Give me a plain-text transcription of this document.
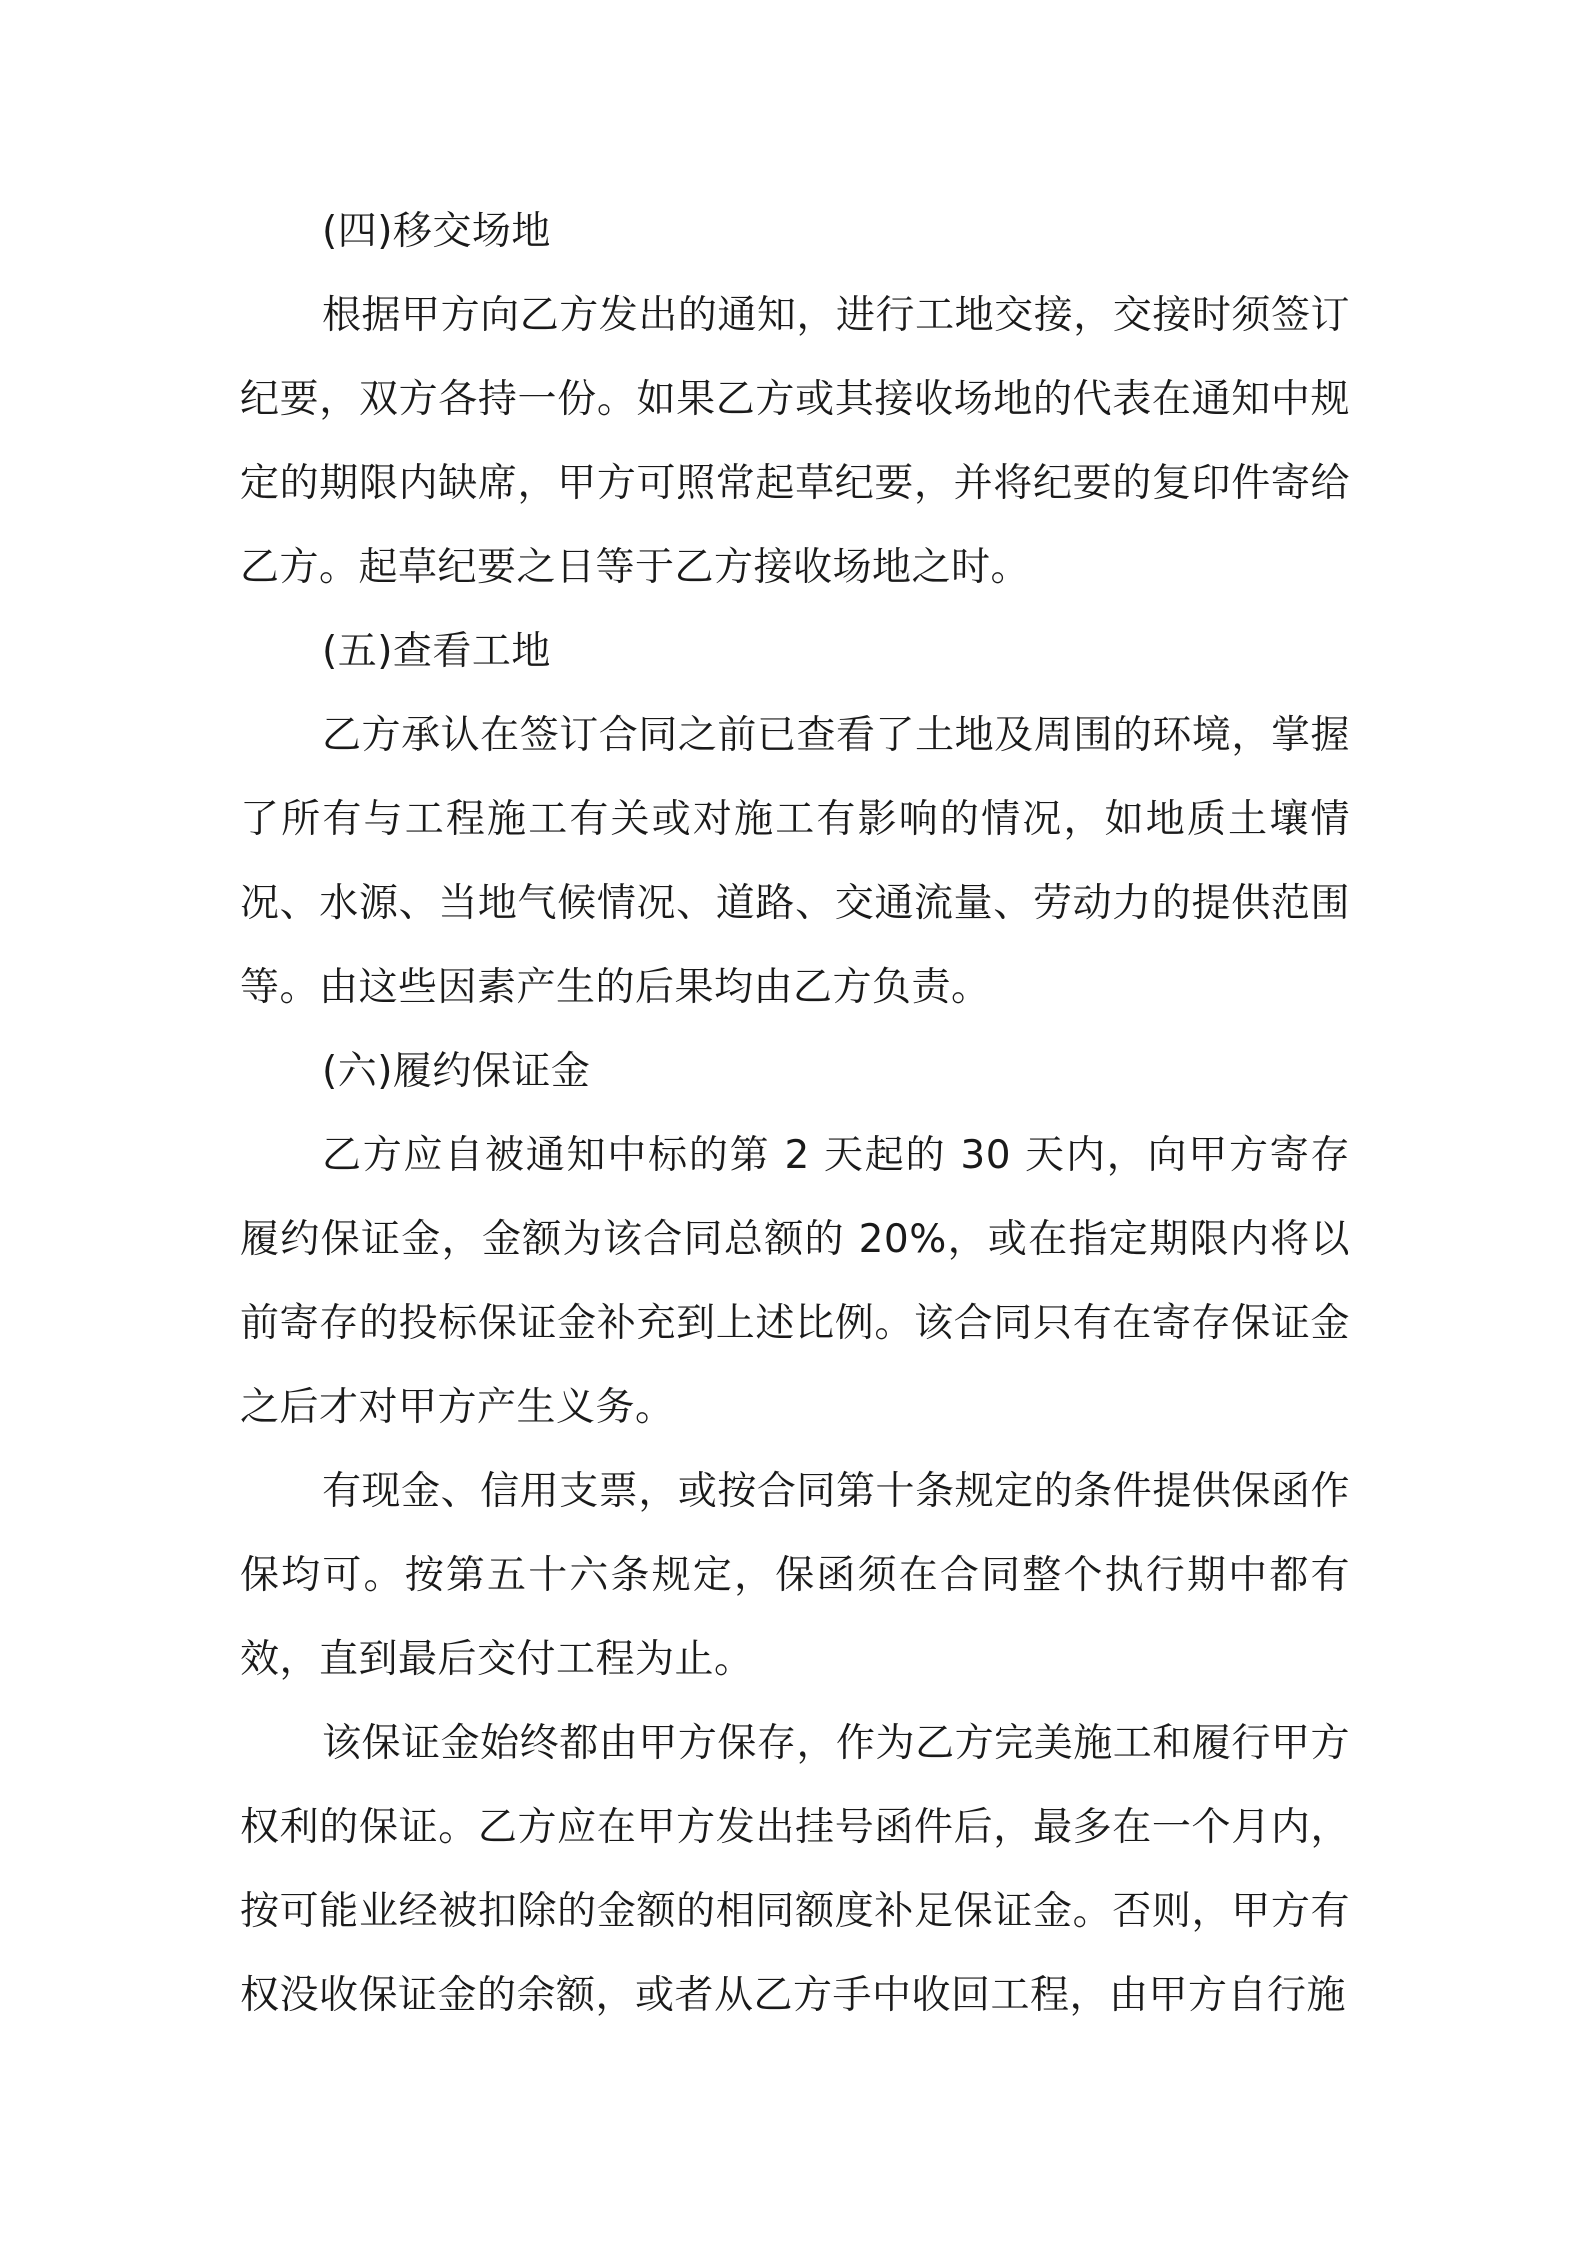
(四)移交场地

根据甲方向乙方发出的通知，进行工地交接，交接时须签订纪要，双方各持一份。如果乙方或其接收场地的代表在通知中规定的期限内缺席，甲方可照常起草纪要，并将纪要的复印件寄给乙方。起草纪要之日等于乙方接收场地之时。

(五)查看工地

乙方承认在签订合同之前已查看了土地及周围的环境，掌握了所有与工程施工有关或对施工有影响的情况，如地质土壤情况、水源、当地气候情况、道路、交通流量、劳动力的提供范围等。由这些因素产生的后果均由乙方负责。

(六)履约保证金

乙方应自被通知中标的第 2 天起的 30 天内，向甲方寄存履约保证金，金额为该合同总额的 20%，或在指定期限内将以前寄存的投标保证金补充到上述比例。该合同只有在寄存保证金之后才对甲方产生义务。

有现金、信用支票，或按合同第十条规定的条件提供保函作保均可。按第五十六条规定，保函须在合同整个执行期中都有效，直到最后交付工程为止。

该保证金始终都由甲方保存，作为乙方完美施工和履行甲方权利的保证。乙方应在甲方发出挂号函件后，最多在一个月内，按可能业经被扣除的金额的相同额度补足保证金。否则，甲方有权没收保证金的余额，或者从乙方手中收回工程，由甲方自行施
